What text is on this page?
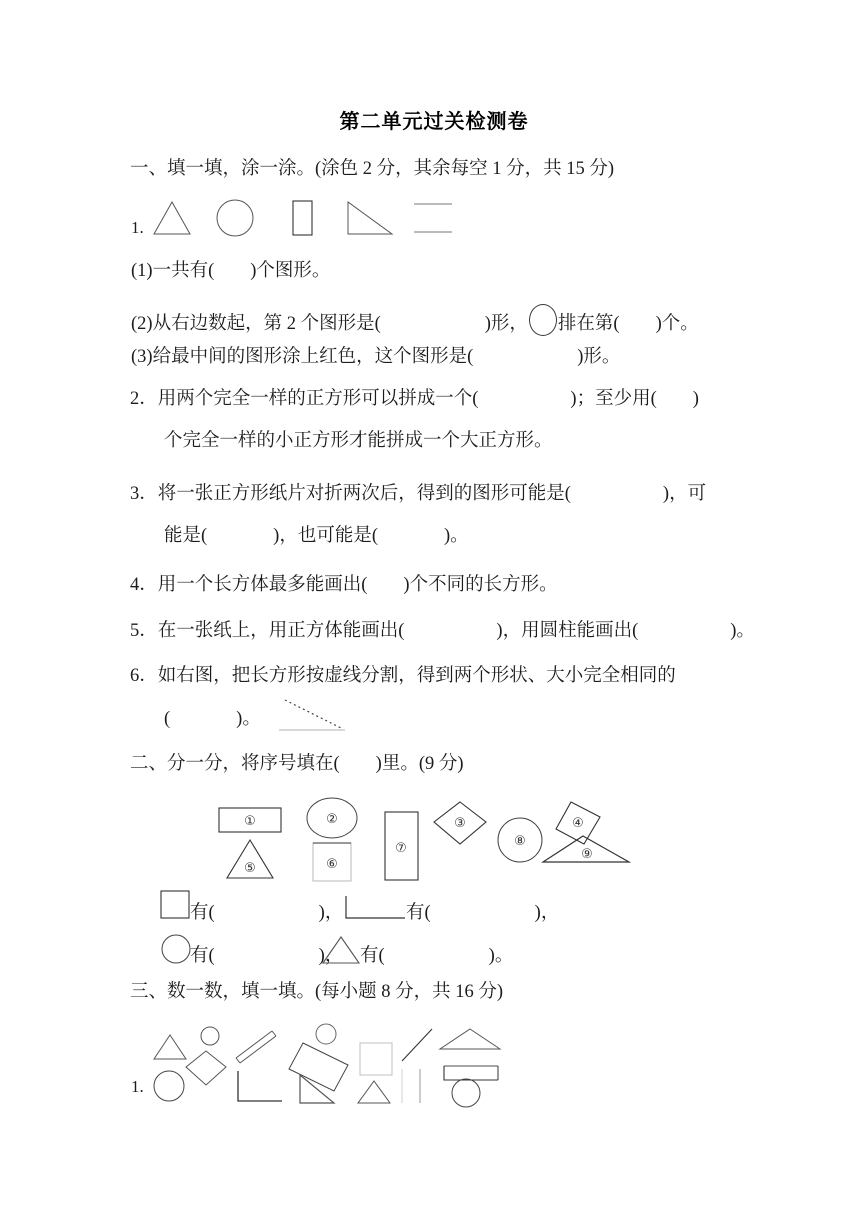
第二单元过关检测卷
一、填一填，涂一涂。(涂色 2 分，其余每空 1 分，共 15 分)
1.
(1)一共有( )个图形。
(2)从右边数起，第 2 个图形是(	)形， 排在第( )个。
(3)给最中间的图形涂上红色，这个图形是(	)形。
2．用两个完全一样的正方形可以拼成一个(	)；至少用( )
个完全一样的小正方形才能拼成一个大正方形。
3．将一张正方形纸片对折两次后，得到的图形可能是(	)，可
能是(	)，也可能是(	)。
4．用一个长方体最多能画出( )个不同的长方形。
5．在一张纸上，用正方体能画出(	)，用圆柱能画出(	)。
6．如右图，把长方形按虚线分割，得到两个形状、大小完全相同的
(	)。
二、分一分，将序号填在( )里。(9 分)
①
⑤
②
⑥
⑦
③
⑧
④
⑨
有(	)，	有(	)，
有(	)， 有(	)。
三、数一数，填一填。(每小题 8 分，共 16 分)
1.
